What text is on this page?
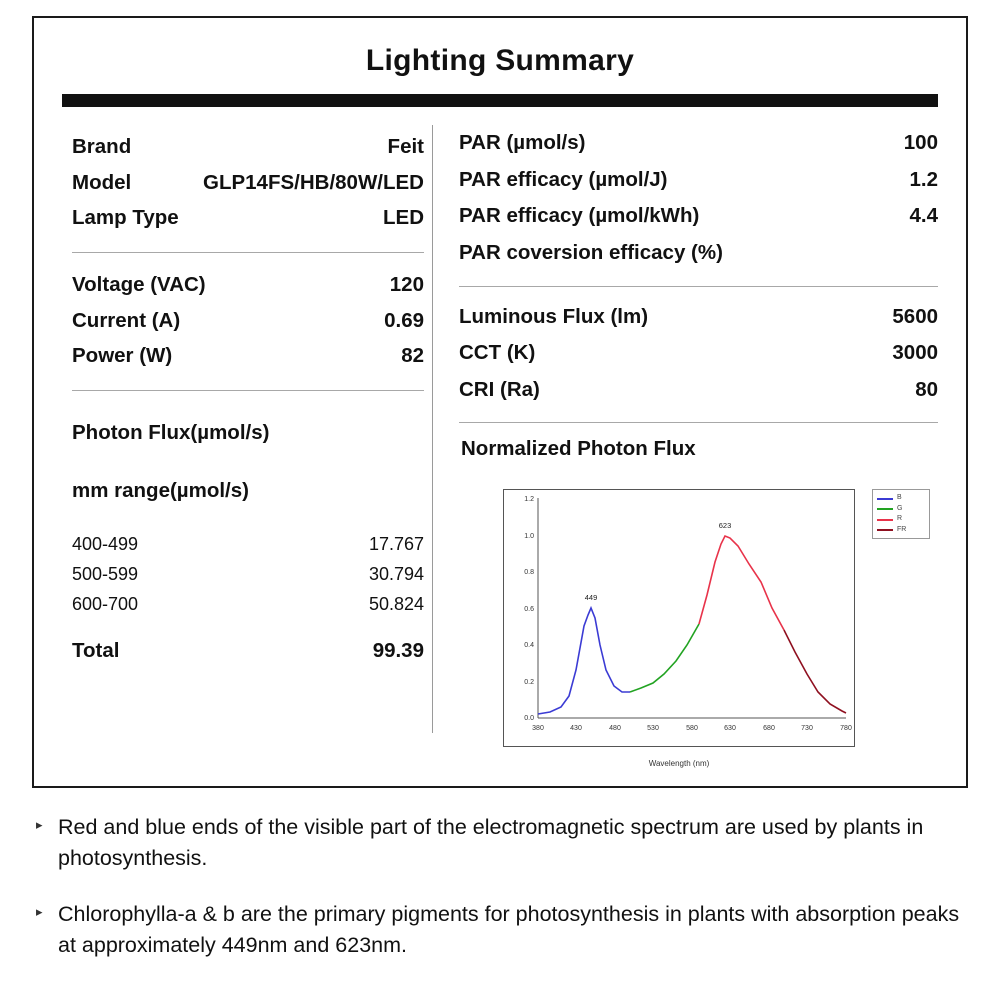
Lighting Summary
Brand	Feit
Model	GLP14FS/HB/80W/LED
Lamp Type	LED
Voltage (VAC)	120
Current (A)	0.69
Power (W)	82
Photon Flux(µmol/s)
mm range(µmol/s)
400-499	17.767
500-599	30.794
600-700	50.824
Total	99.39
PAR (µmol/s)	100
PAR efficacy (µmol/J)	1.2
PAR efficacy (µmol/kWh)	4.4
PAR coversion efficacy (%)
Luminous Flux (lm)	5600
CCT (K)	3000
CRI (Ra)	80
Normalized Photon Flux
1.2
1.0
0.8
0.6
0.4
0.2
0.0
380	430	480	530	580	630	680	730	780
449
623
B
G
R
FR
Wavelength (nm)
▸ Red and blue ends of the visible part of the electromagnetic spectrum are used by plants in photosynthesis.
▸ Chlorophylla-a & b are the primary pigments for photosynthesis in plants with absorption peaks at approximately 449nm and 623nm.
